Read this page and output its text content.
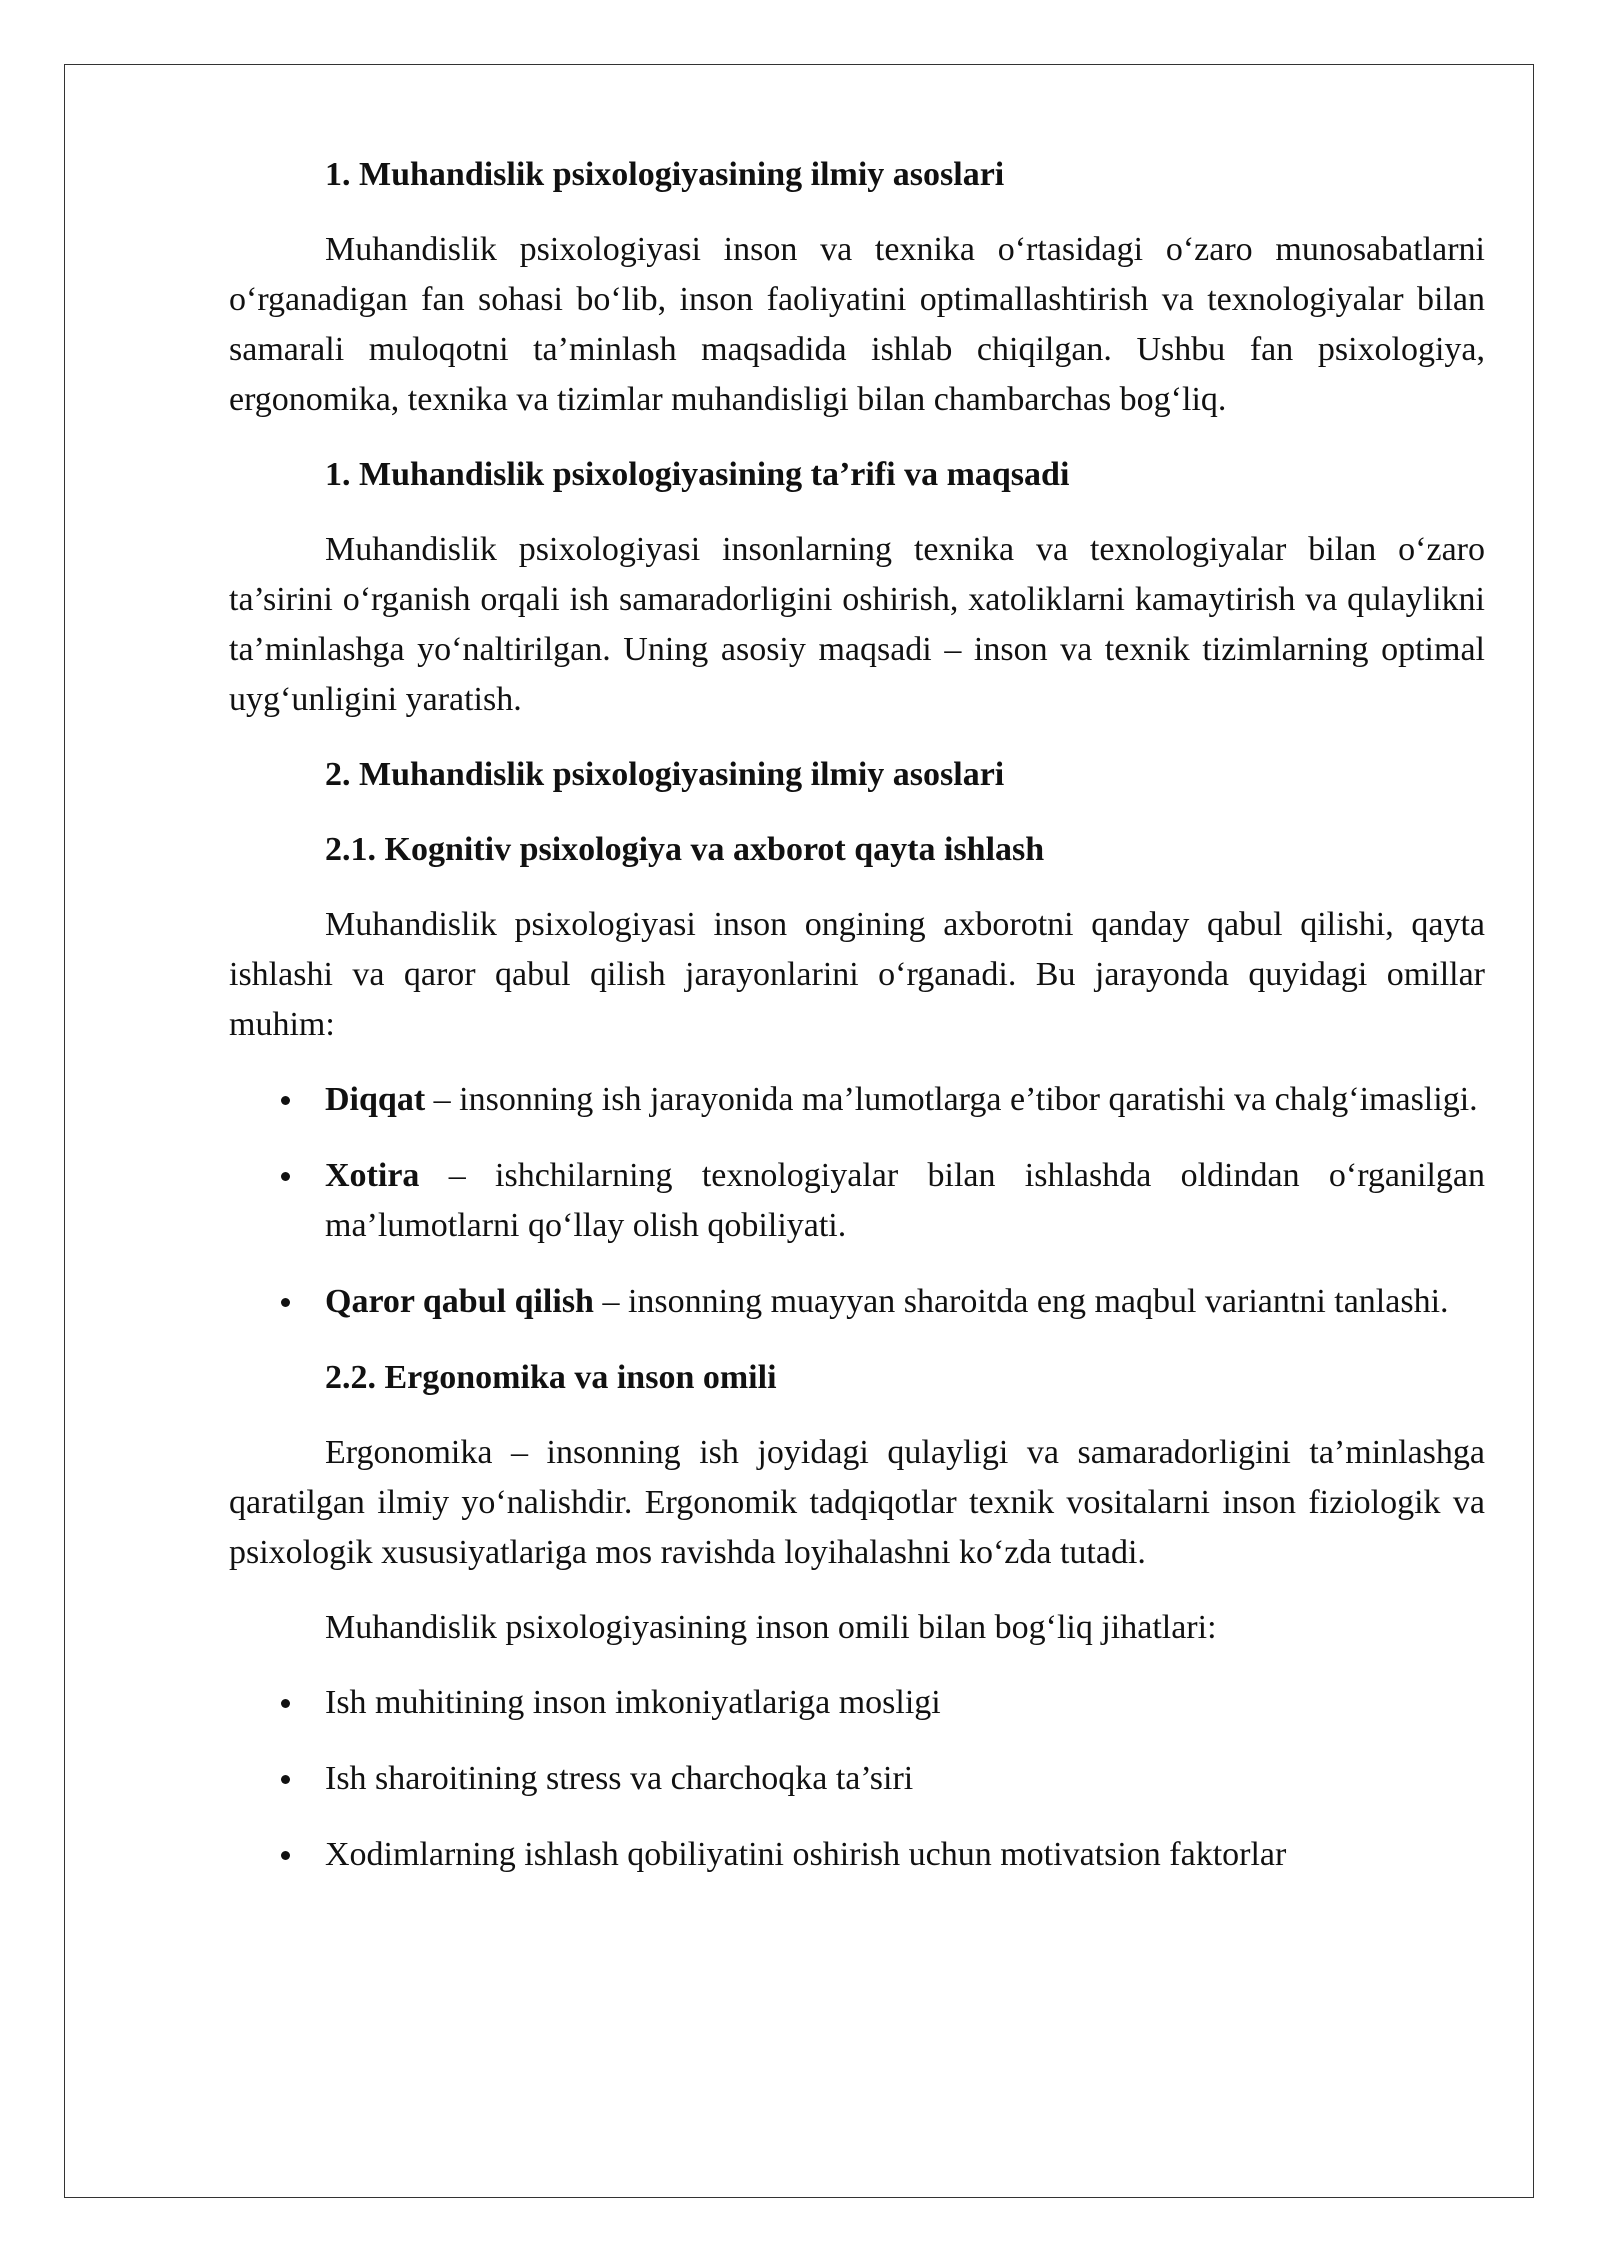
1. Muhandislik psixologiyasining ilmiy asoslari

Muhandislik psixologiyasi inson va texnika o‘rtasidagi o‘zaro munosabatlarni o‘rganadigan fan sohasi bo‘lib, inson faoliyatini optimallashtirish va texnologiyalar bilan samarali muloqotni ta’minlash maqsadida ishlab chiqilgan. Ushbu fan psixologiya, ergonomika, texnika va tizimlar muhandisligi bilan chambarchas bog‘liq.

1. Muhandislik psixologiyasining ta’rifi va maqsadi

Muhandislik psixologiyasi insonlarning texnika va texnologiyalar bilan o‘zaro ta’sirini o‘rganish orqali ish samaradorligini oshirish, xatoliklarni kamaytirish va qulaylikni ta’minlashga yo‘naltirilgan. Uning asosiy maqsadi – inson va texnik tizimlarning optimal uyg‘unligini yaratish.

2. Muhandislik psixologiyasining ilmiy asoslari
2.1. Kognitiv psixologiya va axborot qayta ishlash

Muhandislik psixologiyasi inson ongining axborotni qanday qabul qilishi, qayta ishlashi va qaror qabul qilish jarayonlarini o‘rganadi. Bu jarayonda quyidagi omillar muhim:

Diqqat – insonning ish jarayonida ma’lumotlarga e’tibor qaratishi va chalg‘imasligi.
Xotira – ishchilarning texnologiyalar bilan ishlashda oldindan o‘rganilgan ma’lumotlarni qo‘llay olish qobiliyati.
Qaror qabul qilish – insonning muayyan sharoitda eng maqbul variantni tanlashi.
2.2. Ergonomika va inson omili

Ergonomika – insonning ish joyidagi qulayligi va samaradorligini ta’minlashga qaratilgan ilmiy yo‘nalishdir. Ergonomik tadqiqotlar texnik vositalarni inson fiziologik va psixologik xususiyatlariga mos ravishda loyihalashni ko‘zda tutadi.

Muhandislik psixologiyasining inson omili bilan bog‘liq jihatlari:

Ish muhitining inson imkoniyatlariga mosligi
Ish sharoitining stress va charchoqka ta’siri
Xodimlarning ishlash qobiliyatini oshirish uchun motivatsion faktorlar
